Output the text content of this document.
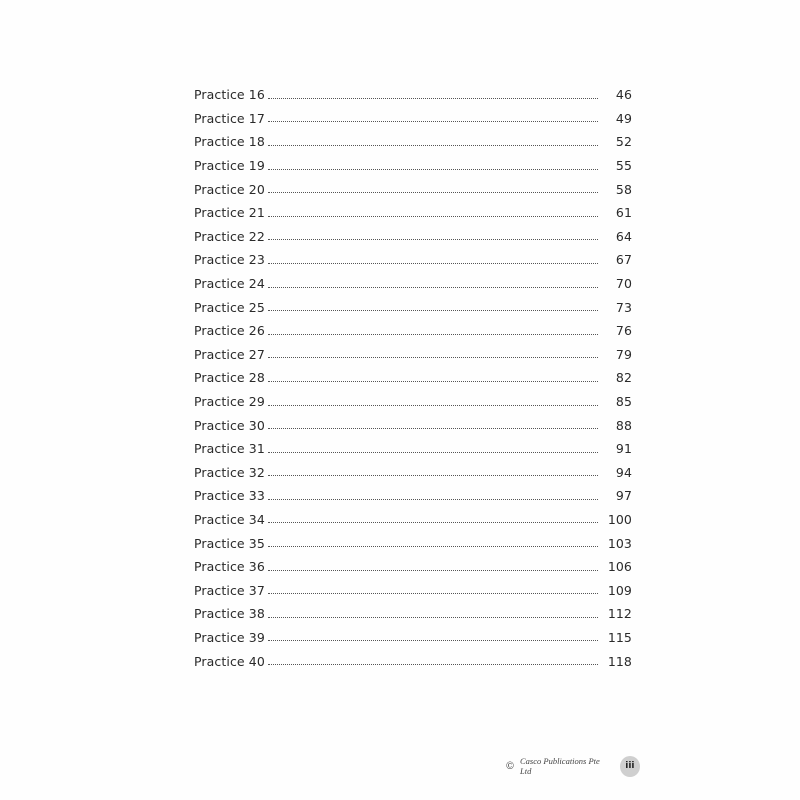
Practice 16	46
Practice 17	49
Practice 18	52
Practice 19	55
Practice 20	58
Practice 21	61
Practice 22	64
Practice 23	67
Practice 24	70
Practice 25	73
Practice 26	76
Practice 27	79
Practice 28	82
Practice 29	85
Practice 30	88
Practice 31	91
Practice 32	94
Practice 33	97
Practice 34	100
Practice 35	103
Practice 36	106
Practice 37	109
Practice 38	112
Practice 39	115
Practice 40	118
© Casco Publications Pte Ltd	iii
